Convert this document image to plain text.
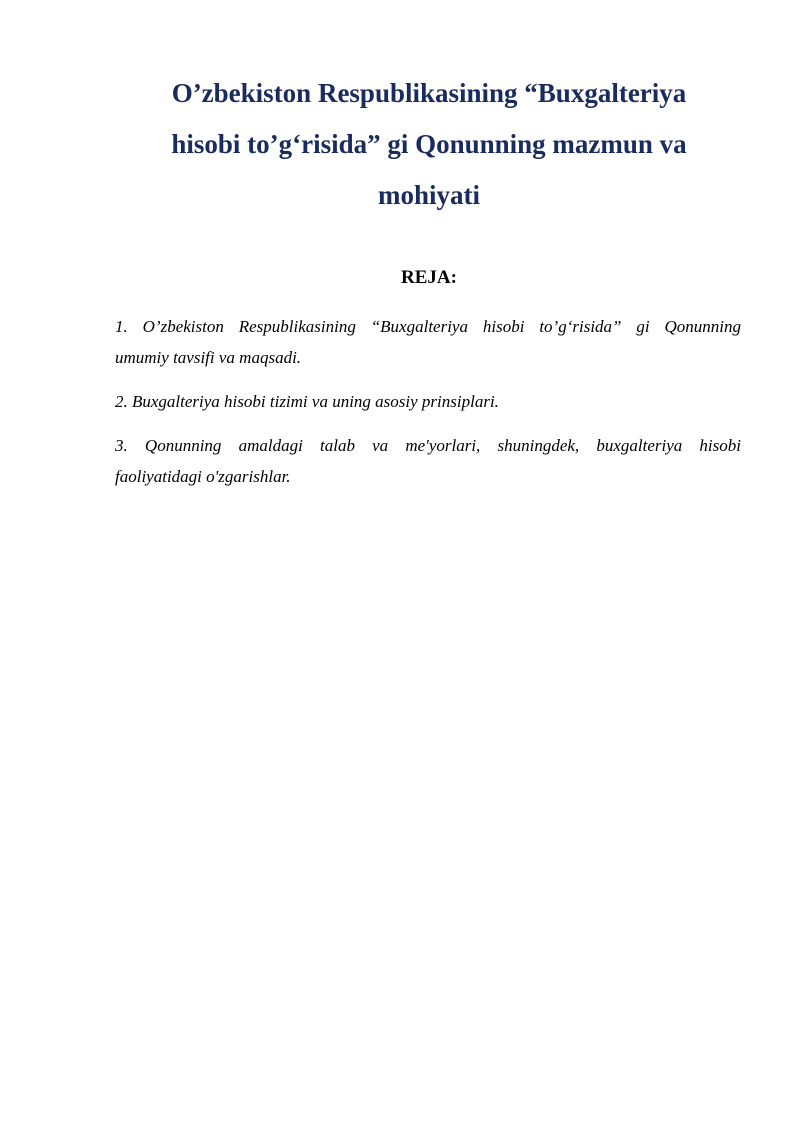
O’zbekiston Respublikasining “Buxgalteriya
hisobi to’g‘risida” gi Qonunning mazmun va
mohiyati
REJA:
1. O’zbekiston Respublikasining “Buxgalteriya hisobi to’g‘risida” gi Qonunning
umumiy tavsifi va maqsadi.
2. Buxgalteriya hisobi tizimi va uning asosiy prinsiplari.
3. Qonunning amaldagi talab va me'yorlari, shuningdek, buxgalteriya hisobi
faoliyatidagi o'zgarishlar.
